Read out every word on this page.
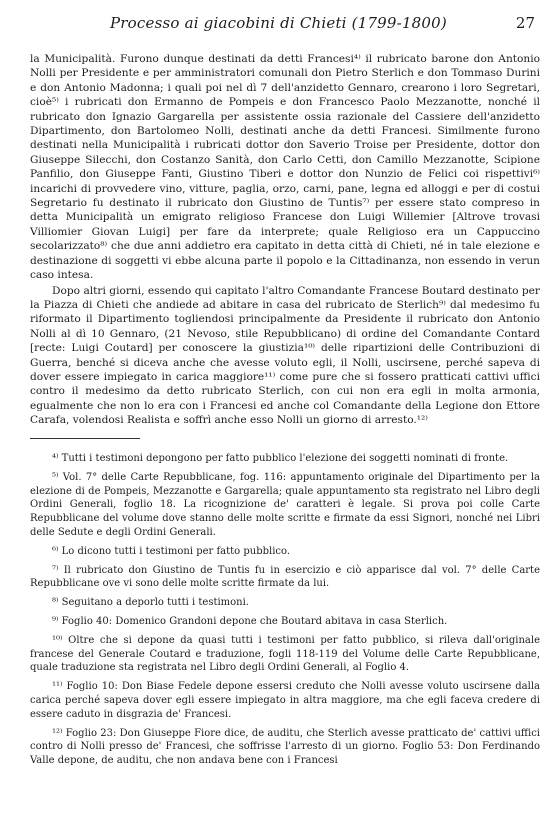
Processo ai giacobini di Chieti (1799-1800)	27

la Municipalità. Furono dunque destinati da detti Francesi⁴⁾ il rubricato barone don Antonio Nolli per Presidente e per amministratori comunali don Pietro Sterlich e don Tommaso Durini e don Antonio Madonna; i quali poi nel dì 7 dell'anzidetto Gennaro, crearono i loro Segretari, cioè⁵⁾ i rubricati don Ermanno de Pompeis e don Francesco Paolo Mezzanotte, nonché il rubricato don Ignazio Gargarella per assistente ossia razionale del Cassiere dell'anzidetto Dipartimento, don Bartolomeo Nolli, destinati anche da detti Francesi. Similmente furono destinati nella Municipalità i rubricati dottor don Saverio Troise per Presidente, dottor don Giuseppe Silecchi, don Costanzo Sanità, don Carlo Cetti, don Camillo Mezzanotte, Scipione Panfilio, don Giuseppe Fanti, Giustino Tiberi e dottor don Nunzio de Felici coi rispettivi⁶⁾ incarichi di provvedere vino, vitture, paglia, orzo, carni, pane, legna ed alloggi e per di costui Segretario fu destinato il rubricato don Giustino de Tuntis⁷⁾ per essere stato compreso in detta Municipalità un emigrato religioso Francese don Luigi Willemier [Altrove trovasi Villiomier Giovan Luigi] per fare da interprete; quale Religioso era un Cappuccino secolarizzato⁸⁾ che due anni addietro era capitato in detta città di Chieti, né in tale elezione e destinazione di soggetti vi ebbe alcuna parte il popolo e la Cittadinanza, non essendo in verun caso intesa.

Dopo altri giorni, essendo qui capitato l'altro Comandante Francese Boutard destinato per la Piazza di Chieti che andiede ad abitare in casa del rubricato de Sterlich⁹⁾ dal medesimo fu riformato il Dipartimento togliendosi principalmente da Presidente il rubricato don Antonio Nolli al dì 10 Gennaro, (21 Nevoso, stile Repubblicano) di ordine del Comandante Contard [recte: Luigi Coutard] per conoscere la giustizia¹⁰⁾ delle ripartizioni delle Contribuzioni di Guerra, benché si diceva anche che avesse voluto egli, il Nolli, uscirsene, perché sapeva di dover essere impiegato in carica maggiore¹¹⁾ come pure che si fossero pratticati cattivi uffici contro il medesimo da detto rubricato Sterlich, con cui non era egli in molta armonia, egualmente che non lo era con i Francesi ed anche col Comandante della Legione don Ettore Carafa, volendosi Realista e soffrì anche esso Nolli un giorno di arresto.¹²⁾

⁴⁾ Tutti i testimoni depongono per fatto pubblico l'elezione dei soggetti nominati di fronte.

⁵⁾ Vol. 7° delle Carte Repubblicane, fog. 116: appuntamento originale del Dipartimento per la elezione di de Pompeis, Mezzanotte e Gargarella; quale appuntamento sta registrato nel Libro degli Ordini Generali, foglio 18. La ricognizione de' caratteri è legale. Si prova poi colle Carte Repubblicane del volume dove stanno delle molte scritte e firmate da essi Signori, nonché nei Libri delle Sedute e degli Ordini Generali.

⁶⁾ Lo dicono tutti i testimoni per fatto pubblico.

⁷⁾ Il rubricato don Giustino de Tuntis fu in esercizio e ciò apparisce dal vol. 7° delle Carte Repubblicane ove vi sono delle molte scritte firmate da lui.

⁸⁾ Seguitano a deporlo tutti i testimoni.

⁹⁾ Foglio 40: Domenico Grandoni depone che Boutard abitava in casa Sterlich.

¹⁰⁾ Oltre che si depone da quasi tutti i testimoni per fatto pubblico, si rileva dall'originale francese del Generale Coutard e traduzione, fogli 118-119 del Volume delle Carte Repubblicane, quale traduzione sta registrata nel Libro degli Ordini Generali, al Foglio 4.

¹¹⁾ Foglio 10: Don Biase Fedele depone essersi creduto che Nolli avesse voluto uscirsene dalla carica perché sapeva dover egli essere impiegato in altra maggiore, ma che egli faceva credere di essere caduto in disgrazia de' Francesi.

¹²⁾ Foglio 23: Don Giuseppe Fiore dice, de auditu, che Sterlich avesse pratticato de' cattivi uffici contro di Nolli presso de' Francesi, che soffrisse l'arresto di un giorno. Foglio 53: Don Ferdinando Valle depone, de auditu, che non andava bene con i Francesi
